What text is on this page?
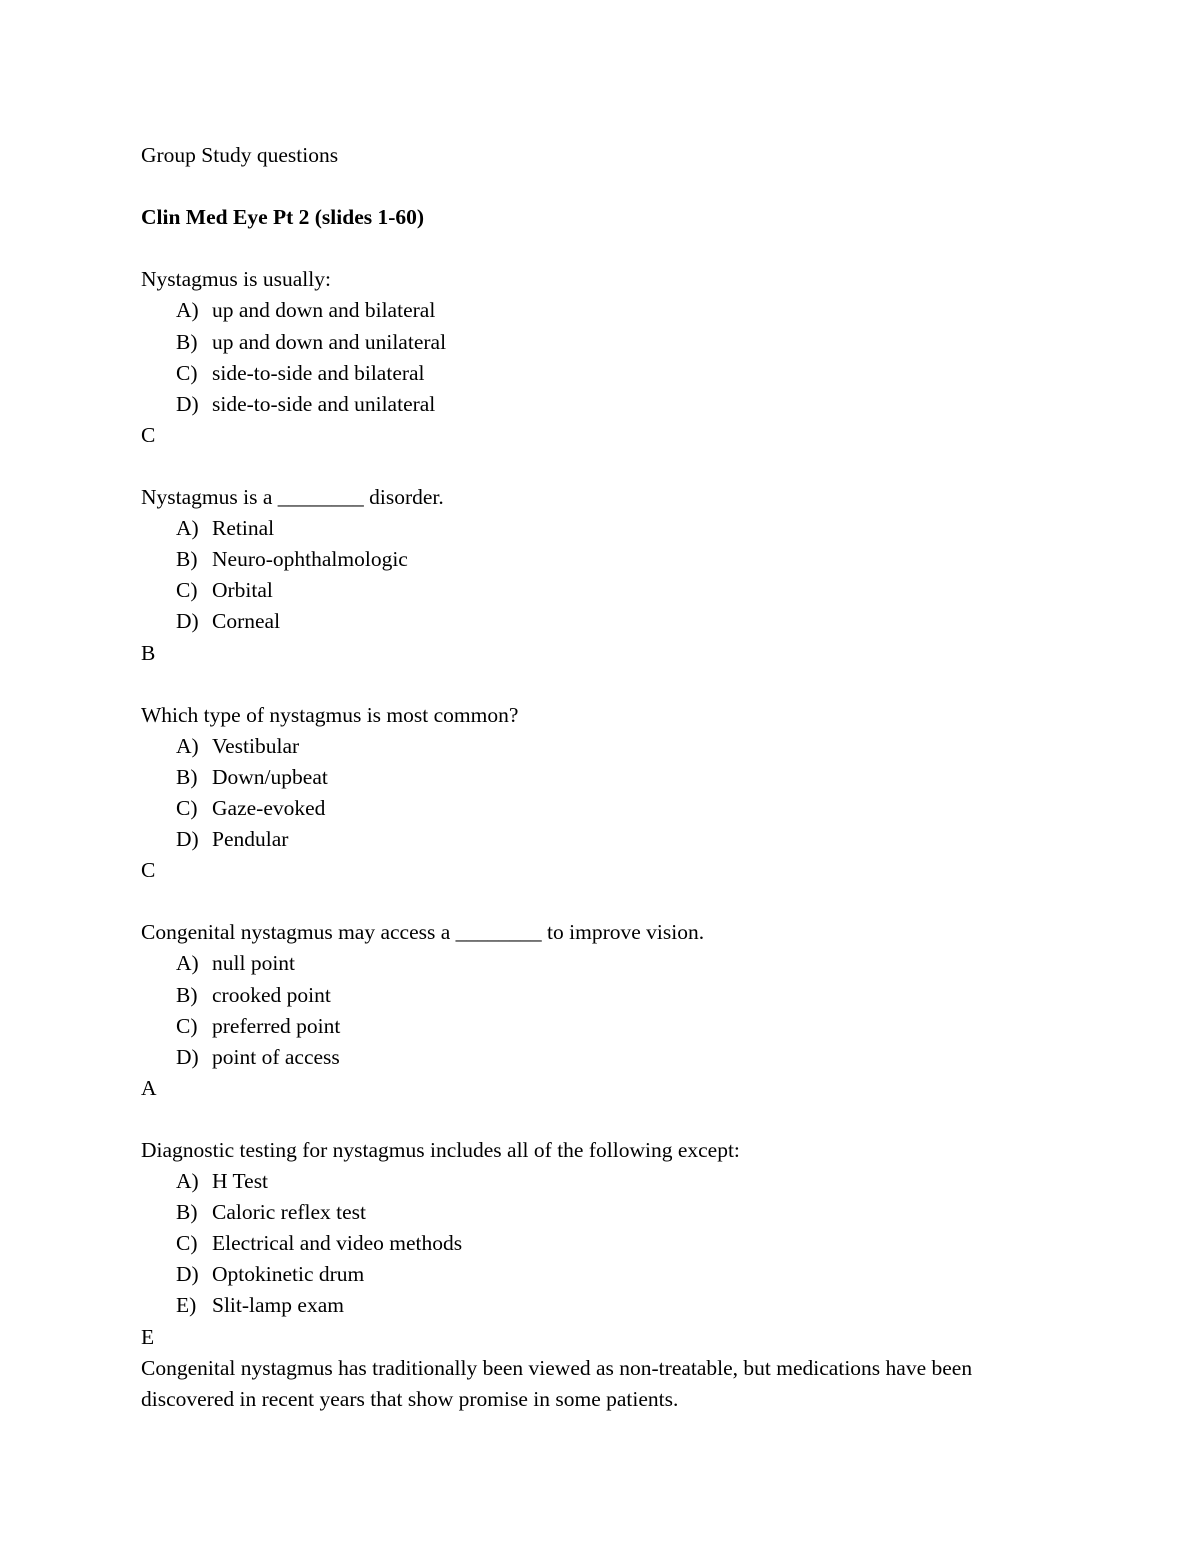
Group Study questions
Clin Med Eye Pt 2 (slides 1-60)
Nystagmus is usually:
A) up and down and bilateral
B) up and down and unilateral
C) side-to-side and bilateral
D) side-to-side and unilateral
C
Nystagmus is a ________ disorder.
A) Retinal
B) Neuro-ophthalmologic
C) Orbital
D) Corneal
B
Which type of nystagmus is most common?
A) Vestibular
B) Down/upbeat
C) Gaze-evoked
D) Pendular
C
Congenital nystagmus may access a ________ to improve vision.
A) null point
B) crooked point
C) preferred point
D) point of access
A
Diagnostic testing for nystagmus includes all of the following except:
A) H Test
B) Caloric reflex test
C) Electrical and video methods
D) Optokinetic drum
E) Slit-lamp exam
E
Congenital nystagmus has traditionally been viewed as non-treatable, but medications have been discovered in recent years that show promise in some patients.
